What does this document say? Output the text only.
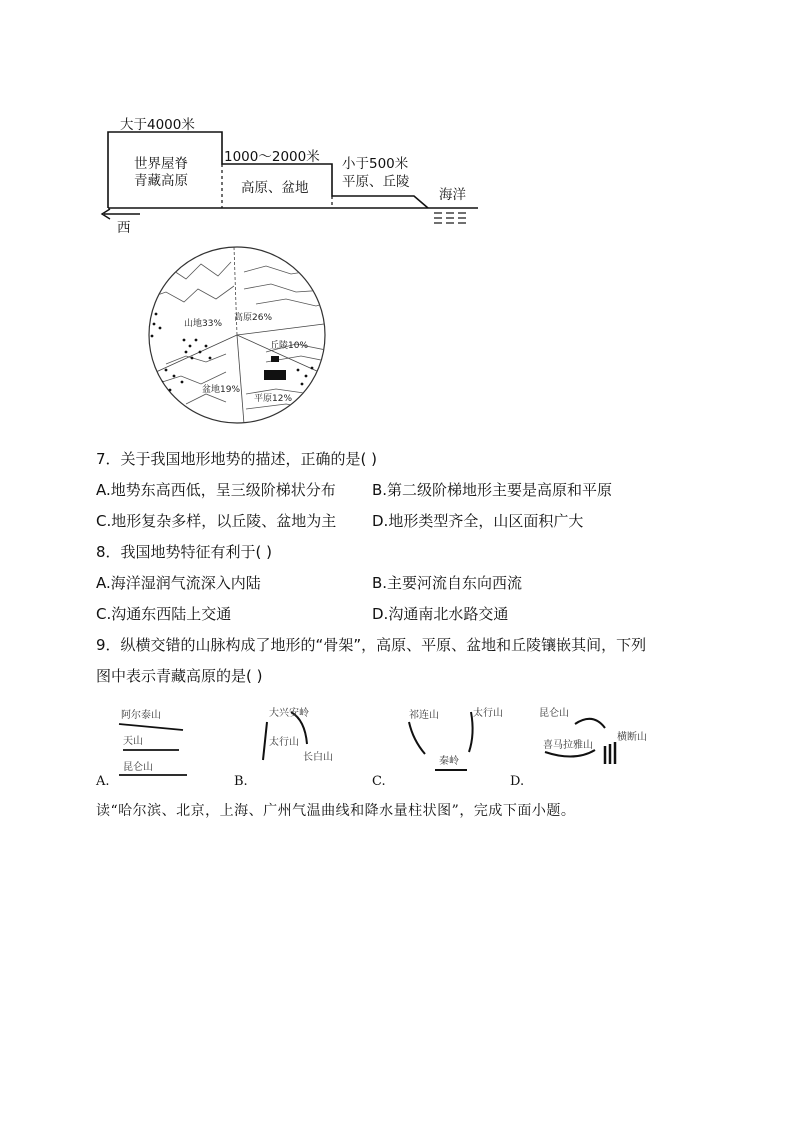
大于4000米
世界屋脊
青藏高原
1000～2000米
高原、盆地
小于500米
平原、丘陵
海洋
西
山地33%
高原26%
丘陵10%
平原12%
盆地19%
7．关于我国地形地势的描述，正确的是( )
A.地势东高西低，呈三级阶梯状分布 B.第二级阶梯地形主要是高原和平原
C.地形复杂多样，以丘陵、盆地为主 D.地形类型齐全，山区面积广大
8．我国地势特征有利于( )
A.海洋湿润气流深入内陆	B.主要河流自东向西流
C.沟通东西陆上交通	D.沟通南北水路交通
9．纵横交错的山脉构成了地形的“骨架”，高原、平原、盆地和丘陵镶嵌其间，下列
图中表示青藏高原的是( )
阿尔泰山
天山
昆仑山
A.
大兴安岭
太行山
长白山
B.
祁连山	太行山
秦岭
C.
昆仑山
喜马拉雅山
横断山
D.
读“哈尔滨、北京，上海、广州气温曲线和降水量柱状图”，完成下面小题。
